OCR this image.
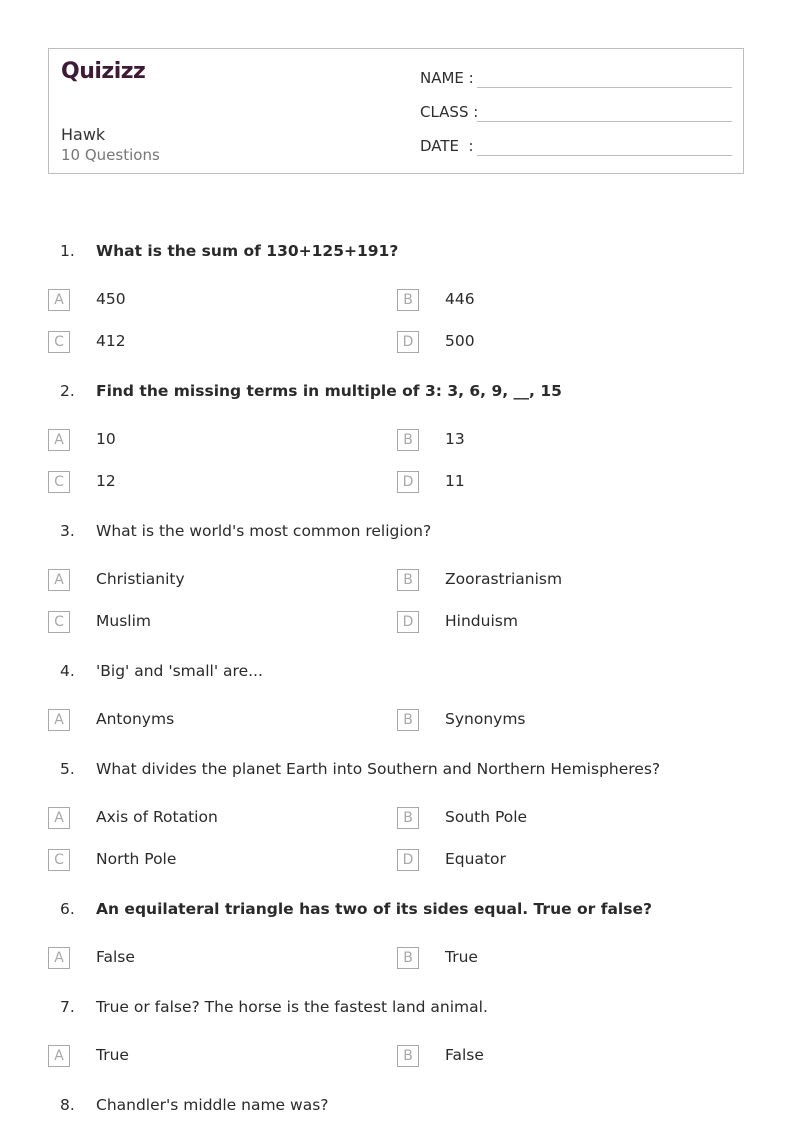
Quizizz
Hawk
10 Questions
NAME :
CLASS :
DATE  :
1. What is the sum of 130+125+191?
A	450	B	446
C	412	D	500
2. Find the missing terms in multiple of 3: 3, 6, 9, __, 15
A	10	B	13
C	12	D	11
3. What is the world's most common religion?
A	Christianity	B	Zoorastrianism
C	Muslim	D	Hinduism
4. 'Big' and 'small' are...
A	Antonyms	B	Synonyms
5. What divides the planet Earth into Southern and Northern Hemispheres?
A	Axis of Rotation	B	South Pole
C	North Pole	D	Equator
6. An equilateral triangle has two of its sides equal. True or false?
A	False	B	True
7. True or false? The horse is the fastest land animal.
A	True	B	False
8. Chandler's middle name was?
